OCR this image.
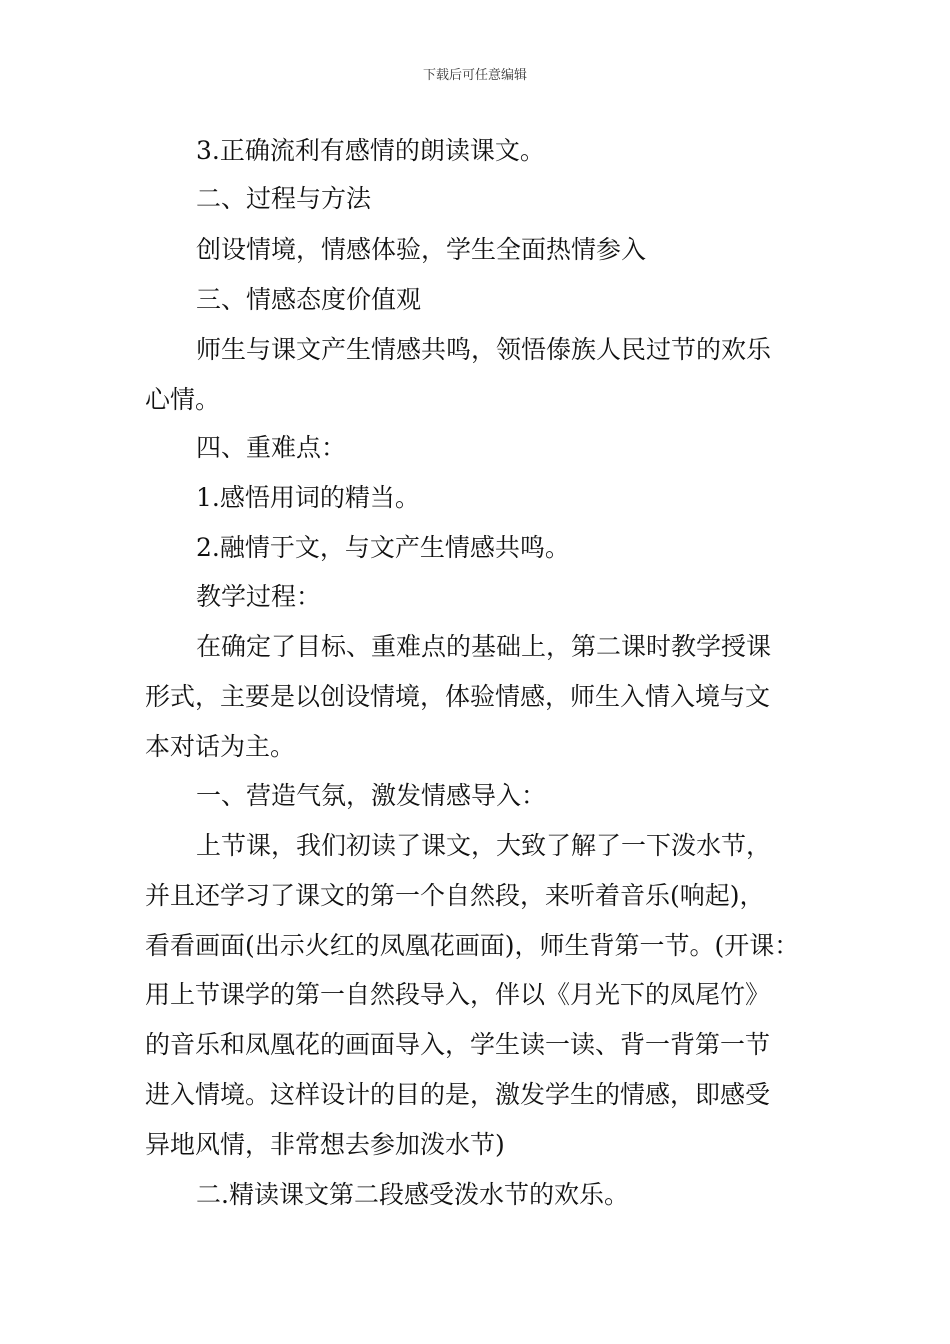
下载后可任意编辑
3.正确流利有感情的朗读课文。
二、过程与方法
创设情境，情感体验，学生全面热情参入
三、情感态度价值观
师生与课文产生情感共鸣，领悟傣族人民过节的欢乐
心情。
四、重难点：
1.感悟用词的精当。
2.融情于文，与文产生情感共鸣。
教学过程：
在确定了目标、重难点的基础上，第二课时教学授课
形式，主要是以创设情境，体验情感，师生入情入境与文
本对话为主。
一、营造气氛，激发情感导入：
上节课，我们初读了课文，大致了解了一下泼水节，
并且还学习了课文的第一个自然段，来听着音乐(响起)，
看看画面(出示火红的凤凰花画面)，师生背第一节。(开课：
用上节课学的第一自然段导入，伴以《月光下的凤尾竹》
的音乐和凤凰花的画面导入，学生读一读、背一背第一节
进入情境。这样设计的目的是，激发学生的情感，即感受
异地风情，非常想去参加泼水节)
二.精读课文第二段感受泼水节的欢乐。
